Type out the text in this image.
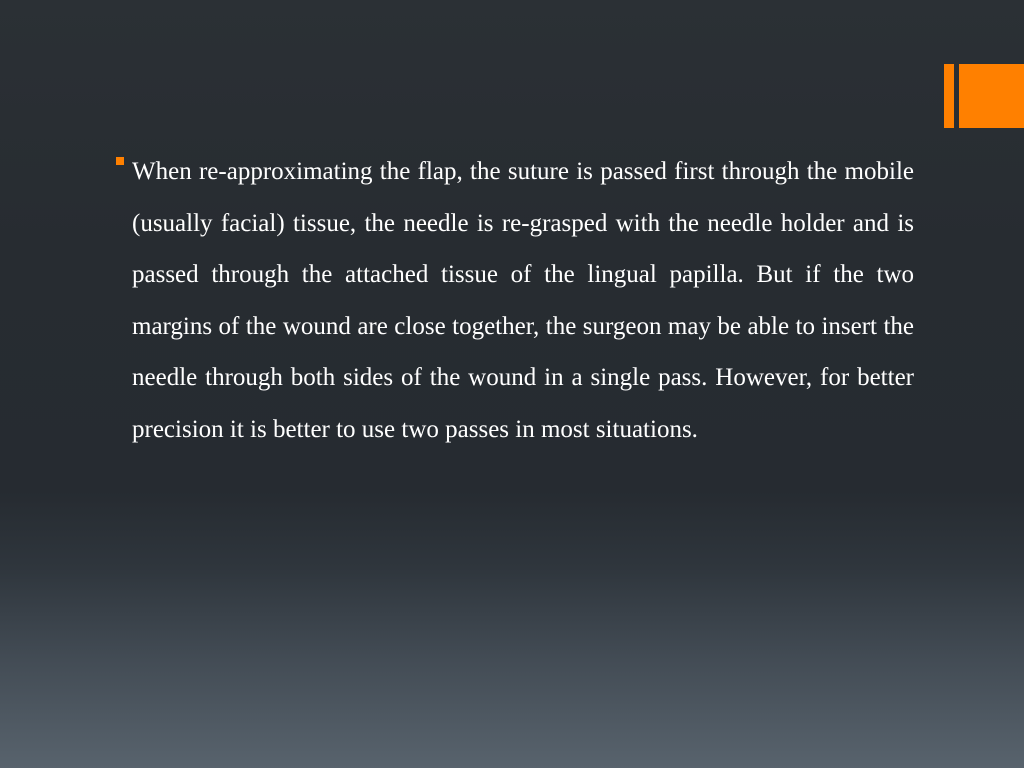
When re-approximating the flap, the suture is passed first through the mobile (usually facial) tissue, the needle is re-grasped with the needle holder and is passed through the attached tissue of the lingual papilla. But if the two margins of the wound are close together, the surgeon may be able to insert the needle through both sides of the wound in a single pass. However, for better precision it is better to use two passes in most situations.
